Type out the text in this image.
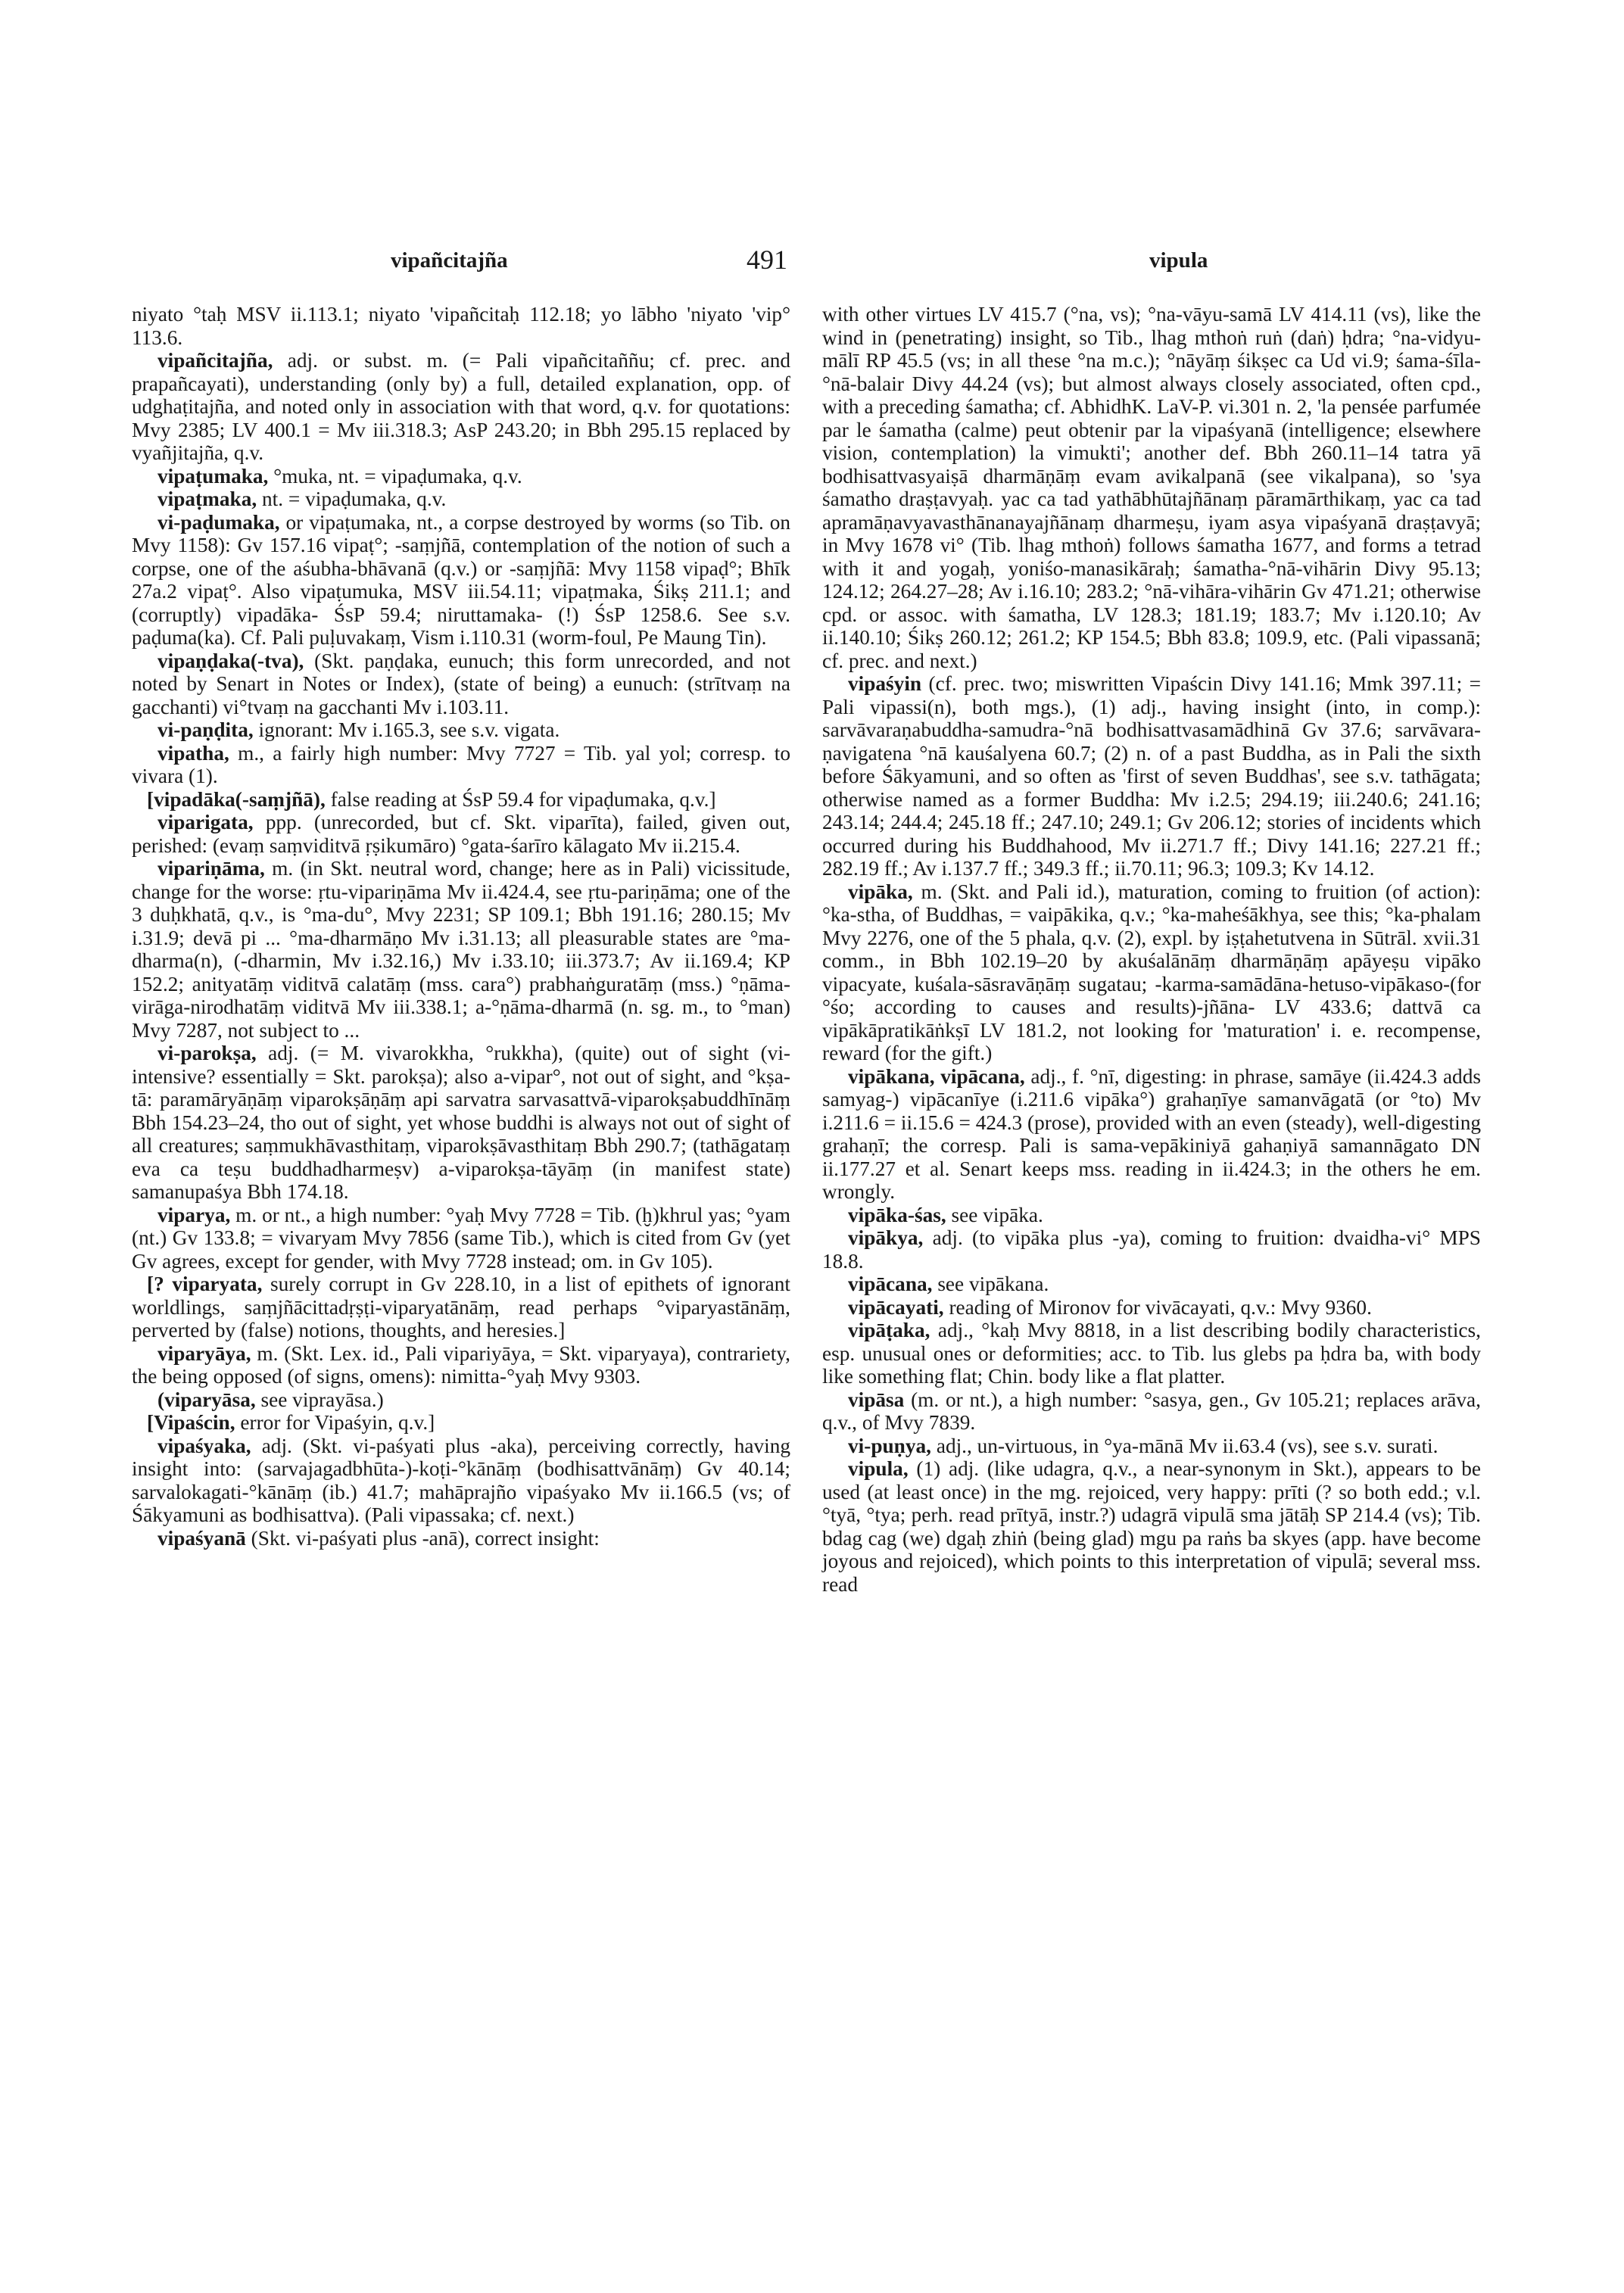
vipañcitajña	491	vipula

niyato °taḥ MSV ii.113.1; niyato 'vipañcitaḥ 112.18; yo lābho 'niyato 'vip° 113.6.

vipañcitajña, adj. or subst. m. (= Pali vipañcitaññu; cf. prec. and prapañcayati), understanding (only by) a full, detailed explanation, opp. of udghaṭitajña, and noted only in association with that word, q.v. for quotations: Mvy 2385; LV 400.1 = Mv iii.318.3; AsP 243.20; in Bbh 295.15 replaced by vyañjitajña, q.v.

vipaṭumaka, °muka, nt. = vipaḍumaka, q.v.

vipaṭmaka, nt. = vipaḍumaka, q.v.

vi-paḍumaka, or vipaṭumaka, nt., a corpse destroyed by worms (so Tib. on Mvy 1158): Gv 157.16 vipaṭ°; -saṃjñā, contemplation of the notion of such a corpse, one of the aśubha-bhāvanā (q.v.) or -saṃjñā: Mvy 1158 vipaḍ°; Bhīk 27a.2 vipaṭ°. Also vipaṭumuka, MSV iii.54.11; vipaṭmaka, Śikṣ 211.1; and (corruptly) vipadāka- ŚsP 59.4; niruttamaka- (!) ŚsP 1258.6. See s.v. paḍuma(ka). Cf. Pali puḷuvakaṃ, Vism i.110.31 (worm-foul, Pe Maung Tin).

vipaṇḍaka(-tva), (Skt. paṇḍaka, eunuch; this form unrecorded, and not noted by Senart in Notes or Index), (state of being) a eunuch: (strītvaṃ na gacchanti) vi°tvaṃ na gacchanti Mv i.103.11.

vi-paṇḍita, ignorant: Mv i.165.3, see s.v. vigata.

vipatha, m., a fairly high number: Mvy 7727 = Tib. yal yol; corresp. to vivara (1).

[vipadāka(-saṃjñā), false reading at ŚsP 59.4 for vipaḍumaka, q.v.]

viparigata, ppp. (unrecorded, but cf. Skt. viparīta), failed, given out, perished: (evaṃ saṃviditvā ṛṣikumāro) °gata-śarīro kālagato Mv ii.215.4.

vipariṇāma, m. (in Skt. neutral word, change; here as in Pali) vicissitude, change for the worse: ṛtu-vipariṇāma Mv ii.424.4, see ṛtu-pariṇāma; one of the 3 duḥkhatā, q.v., is °ma-du°, Mvy 2231; SP 109.1; Bbh 191.16; 280.15; Mv i.31.9; devā pi ... °ma-dharmāṇo Mv i.31.13; all pleasurable states are °ma-dharma(n), (-dharmin, Mv i.32.16,) Mv i.33.10; iii.373.7; Av ii.169.4; KP 152.2; anityatāṃ viditvā calatāṃ (mss. cara°) prabhaṅguratāṃ (mss.) °ṇāma-virāga-nirodhatāṃ viditvā Mv iii.338.1; a-°ṇāma-dharmā (n. sg. m., to °man) Mvy 7287, not subject to ...

vi-parokṣa, adj. (= M. vivarokkha, °rukkha), (quite) out of sight (vi- intensive? essentially = Skt. parokṣa); also a-vipar°, not out of sight, and °kṣa-tā: paramāryāṇāṃ viparokṣāṇāṃ api sarvatra sarvasattvā-viparokṣabuddhīnāṃ Bbh 154.23–24, tho out of sight, yet whose buddhi is always not out of sight of all creatures; saṃmukhāvasthitaṃ, viparokṣāvasthitaṃ Bbh 290.7; (tathāgataṃ eva ca teṣu buddhadharmeṣv) a-viparokṣa-tāyāṃ (in manifest state) samanupaśya Bbh 174.18.

viparya, m. or nt., a high number: °yaḥ Mvy 7728 = Tib. (ḫ)khrul yas; °yam (nt.) Gv 133.8; = vivaryam Mvy 7856 (same Tib.), which is cited from Gv (yet Gv agrees, except for gender, with Mvy 7728 instead; om. in Gv 105).

[? viparyata, surely corrupt in Gv 228.10, in a list of epithets of ignorant worldlings, saṃjñācittadṛṣṭi-viparyatānāṃ, read perhaps °viparyastānāṃ, perverted by (false) notions, thoughts, and heresies.]

viparyāya, m. (Skt. Lex. id., Pali vipariyāya, = Skt. viparyaya), contrariety, the being opposed (of signs, omens): nimitta-°yaḥ Mvy 9303.

(viparyāsa, see viprayāsa.)

[Vipaścin, error for Vipaśyin, q.v.]

vipaśyaka, adj. (Skt. vi-paśyati plus -aka), perceiving correctly, having insight into: (sarvajagadbhūta-)-koṭi-°kānāṃ (bodhisattvānāṃ) Gv 40.14; sarvalokagati-°kānāṃ (ib.) 41.7; mahāprajño vipaśyako Mv ii.166.5 (vs; of Śākyamuni as bodhisattva). (Pali vipassaka; cf. next.)

vipaśyanā (Skt. vi-paśyati plus -anā), correct insight:

with other virtues LV 415.7 (°na, vs); °na-vāyu-samā LV 414.11 (vs), like the wind in (penetrating) insight, so Tib., lhag mthoṅ ruṅ (daṅ) ḥdra; °na-vidyu-mālī RP 45.5 (vs; in all these °na m.c.); °nāyāṃ śikṣec ca Ud vi.9; śama-śīla-°nā-balair Divy 44.24 (vs); but almost always closely associated, often cpd., with a preceding śamatha; cf. AbhidhK. LaV-P. vi.301 n. 2, 'la pensée parfumée par le śamatha (calme) peut obtenir par la vipaśyanā (intelligence; elsewhere vision, contemplation) la vimukti'; another def. Bbh 260.11–14 tatra yā bodhisattvasyaiṣā dharmāṇāṃ evam avikalpanā (see vikalpana), so 'sya śamatho draṣṭavyaḥ. yac ca tad yathābhūtajñānaṃ pāramārthikaṃ, yac ca tad apramāṇavyavasthānanayajñānaṃ dharmeṣu, iyam asya vipaśyanā draṣṭavyā; in Mvy 1678 vi° (Tib. lhag mthoṅ) follows śamatha 1677, and forms a tetrad with it and yogaḥ, yoniśo-manasikāraḥ; śamatha-°nā-vihārin Divy 95.13; 124.12; 264.27–28; Av i.16.10; 283.2; °nā-vihāra-vihārin Gv 471.21; otherwise cpd. or assoc. with śamatha, LV 128.3; 181.19; 183.7; Mv i.120.10; Av ii.140.10; Śikṣ 260.12; 261.2; KP 154.5; Bbh 83.8; 109.9, etc. (Pali vipassanā; cf. prec. and next.)

vipaśyin (cf. prec. two; miswritten Vipaścin Divy 141.16; Mmk 397.11; = Pali vipassi(n), both mgs.), (1) adj., having insight (into, in comp.): sarvāvaraṇabuddha-samudra-°nā bodhisattvasamādhinā Gv 37.6; sarvāvara-ṇavigatena °nā kauśalyena 60.7; (2) n. of a past Buddha, as in Pali the sixth before Śākyamuni, and so often as 'first of seven Buddhas', see s.v. tathāgata; otherwise named as a former Buddha: Mv i.2.5; 294.19; iii.240.6; 241.16; 243.14; 244.4; 245.18 ff.; 247.10; 249.1; Gv 206.12; stories of incidents which occurred during his Buddhahood, Mv ii.271.7 ff.; Divy 141.16; 227.21 ff.; 282.19 ff.; Av i.137.7 ff.; 349.3 ff.; ii.70.11; 96.3; 109.3; Kv 14.12.

vipāka, m. (Skt. and Pali id.), maturation, coming to fruition (of action): °ka-stha, of Buddhas, = vaipākika, q.v.; °ka-maheśākhya, see this; °ka-phalam Mvy 2276, one of the 5 phala, q.v. (2), expl. by iṣṭahetutvena in Sūtrāl. xvii.31 comm., in Bbh 102.19–20 by akuśalānāṃ dharmāṇāṃ apāyeṣu vipāko vipacyate, kuśala-sāsravāṇāṃ sugatau; -karma-samādāna-hetuso-vipākaso-(for °śo; according to causes and results)-jñāna- LV 433.6; dattvā ca vipākāpratikāṅkṣī LV 181.2, not looking for 'maturation' i. e. recompense, reward (for the gift.)

vipākana, vipācana, adj., f. °nī, digesting: in phrase, samāye (ii.424.3 adds samyag-) vipācanīye (i.211.6 vipāka°) grahaṇīye samanvāgatā (or °to) Mv i.211.6 = ii.15.6 = 424.3 (prose), provided with an even (steady), well-digesting grahaṇī; the corresp. Pali is sama-vepākiniyā gahaṇiyā samannāgato DN ii.177.27 et al. Senart keeps mss. reading in ii.424.3; in the others he em. wrongly.

vipāka-śas, see vipāka.

vipākya, adj. (to vipāka plus -ya), coming to fruition: dvaidha-vi° MPS 18.8.

vipācana, see vipākana.

vipācayati, reading of Mironov for vivācayati, q.v.: Mvy 9360.

vipāṭaka, adj., °kaḥ Mvy 8818, in a list describing bodily characteristics, esp. unusual ones or deformities; acc. to Tib. lus glebs pa ḥdra ba, with body like something flat; Chin. body like a flat platter.

vipāsa (m. or nt.), a high number: °sasya, gen., Gv 105.21; replaces arāva, q.v., of Mvy 7839.

vi-puṇya, adj., un-virtuous, in °ya-mānā Mv ii.63.4 (vs), see s.v. surati.

vipula, (1) adj. (like udagra, q.v., a near-synonym in Skt.), appears to be used (at least once) in the mg. rejoiced, very happy: prīti (? so both edd.; v.l. °tyā, °tya; perh. read prītyā, instr.?) udagrā vipulā sma jātāḥ SP 214.4 (vs); Tib. bdag cag (we) dgaḥ zhiṅ (being glad) mgu pa raṅs ba skyes (app. have become joyous and rejoiced), which points to this interpretation of vipulā; several mss. read
